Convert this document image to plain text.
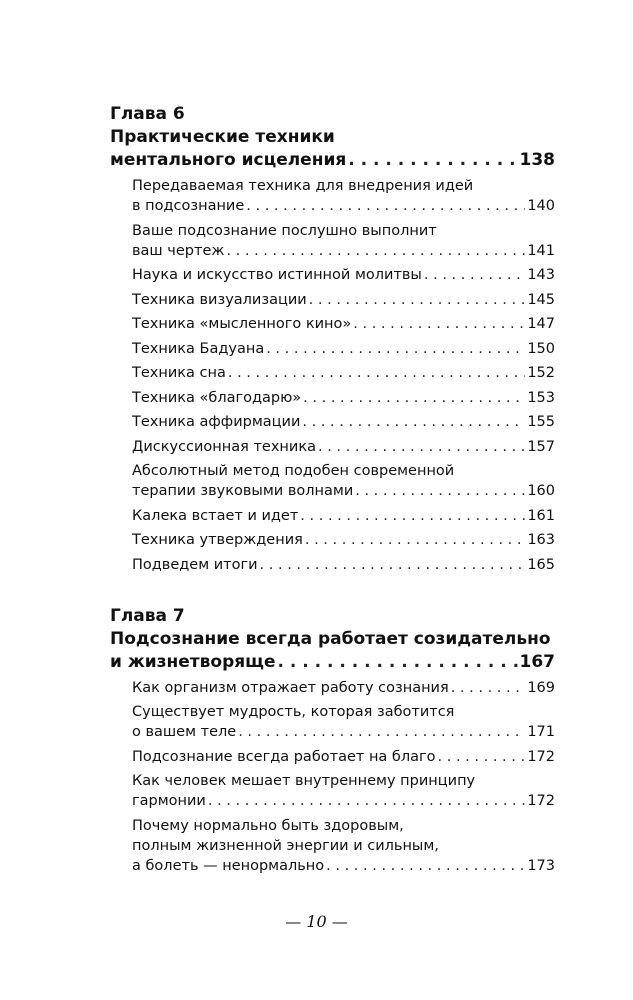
Глава 6
Практические техники
ментального исцеления . . .	138
Передаваемая техника для внедрения идей
в подсознание . . .	140
Ваше подсознание послушно выполнит
ваш чертеж . . .	141
Наука и искусство истинной молитвы . . .	143
Техника визуализации . . .	145
Техника «мысленного кино» . . .	147
Техника Бадуана . . .	150
Техника сна . . .	152
Техника «благодарю» . . .	153
Техника аффирмации . . .	155
Дискуссионная техника . . .	157
Абсолютный метод подобен современной
терапии звуковыми волнами . . .	160
Калека встает и идет . . .	161
Техника утверждения . . .	163
Подведем итоги . . .	165
Глава 7
Подсознание всегда работает созидательно
и жизнетворяще . . .	167
Как организм отражает работу сознания . . .	169
Существует мудрость, которая заботится
о вашем теле . . .	171
Подсознание всегда работает на благо . . .	172
Как человек мешает внутреннему принципу
гармонии . . .	172
Почему нормально быть здоровым,
полным жизненной энергии и сильным,
а болеть — ненормально . . .	173
— 10 —
